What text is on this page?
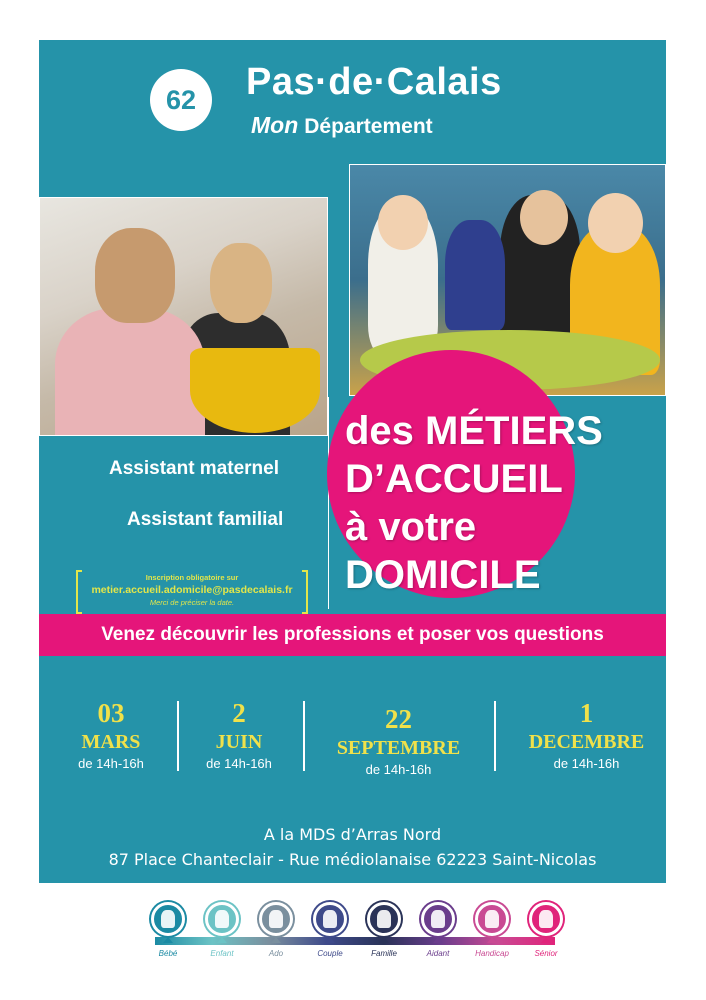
62	Pas·de·Calais
Mon Département
des MÉTIERS
D’ACCUEIL
à votre
DOMICILE
Assistant maternel
Assistant familial
Inscription obligatoire sur
metier.accueil.adomicile@pasdecalais.fr
Merci de préciser la date.
Venez découvrir les professions et poser vos questions
03
MARS
de 14h-16h
2
JUIN
de 14h-16h
22
SEPTEMBRE
de 14h-16h
1
DECEMBRE
de 14h-16h
A la MDS d’Arras Nord
87 Place Chanteclair - Rue médiolanaise 62223 Saint-Nicolas
Bébé	Enfant	Ado	Couple	Famille	Aidant	Handicap	Sénior
